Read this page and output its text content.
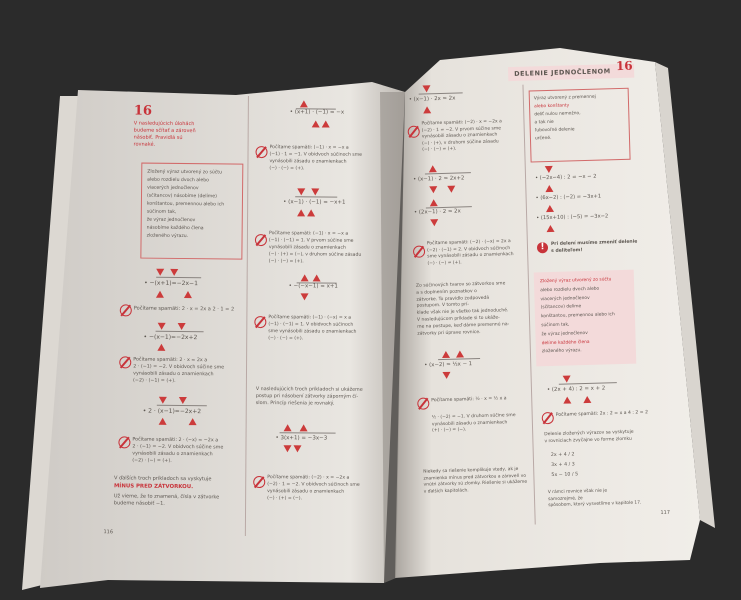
16
V nasledujúcich úlohách
budeme sčítať a zároveň
násobiť. Pravidlá sú
rovnaké.
Zložený výraz utvorený zo súčtu
alebo rozdielu dvoch alebo
viacerých jednočlenov
(sčítancov) násobíme (delíme)
konštantou, premennou alebo ich
súčinom tak,
že výraz jednočlenov
násobíme každého člena
zloženého výrazu.
• −(x+1)=−2x−1
Počítame spamäti: 2 · x = 2x a 2 · 1 = 2
• −(x−1)=−2x+2
Počítame spamäti: 2 · x = 2x a
2 · (−1) = −2. V obidvoch súčine sme
vynásobili zásadu o znamienkach
(−2) · (−1) = (+).
• 2 · (x−1)=−2x+2
Počítame spamäti: 2 · (−x) = −2x a
2 · (−1) = −2. V obidvoch súčine sme
vynásobili zásadu o znamienkach
(−2) · (−) = (+).
V ďalších troch príkladoch sa vyskytuje
MÍNUS PRED ZÁTVORKOU.
Už vieme, že to znamená, čísla v zátvorke
budeme násobiť −1.
116
• (x+1) · (−1) = −x
Počítame spamäti: (−1) · x = −x a
(−1) · 1 = −1. V obidvoch súčinoch sme
vynásobili zásadu o znamienkach
(−) · (−) = (+).
• (x−1) · (−1) = −x+1
Počítame spamäti: (−1) · x = −x a
(−1) · (−1) = 1. V prvom súčine sme
vynásobili zásadu o znamienkach
(−) · (+) = (−), v druhom súčine zásadu
(−) · (−) = (+).
• −(−x−1) = x+1
Počítame spamäti: (−1) · (−x) = x a
(−1) · (−1) = 1. V obidvoch súčinoch
sme vynásobili zásadu o znamienkach
(−) · (−) = (+).
V nasledujúcich troch príkladoch si ukážeme
postup pri násobení zátvorky záporným čí-
slom. Princíp riešenia je rovnaký.
• 3(x+1) = −3x−3
Počítame spamäti: (−2) · x = −2x a
(−2) · 1 = −2. V obidvoch súčinoch sme
vynásobili zásadu o znamienkach
(−) · (+) = (−).
DELENIE JEDNOČLENOM 16
• (x−1) · 2x = 2x
Počítame spamäti: (−2) · x = −2x a
(−2) · 1 = −2. V prvom súčine sme
vynásobili zásadu o znamienkach
(−) · (+), v druhom súčine zásadu
(−) · (−) = (+).
• (x−1) · 2 = 2x+2
• (2x−1) · 2 = 2x
Počítame spamäti: (−2) · (−x) = 2x a
(−2) · (−1) = 2. V obidvoch súčinoch
sme vynásobili zásadu o znamienkach
(−) · (−) = (+).
Zo súčinových tvarov so zátvorkou sme
a s doplnením poznatkov o
zátvorke. To pravidlo zodpovedá
postupom. V tomto prí-
klade však nie je všetko tak jednoduché.
V nasledujúcom príklade si to ukáže-
me na postupe, keď dáme premennú na-
zátvorky pri úprave rovnice.
• (x−2) = ½x − 1
Počítame spamäti: ½ · x = ½ x a
½ · (−2) = −1. V druhom súčine sme
vynásobili zásadu o znamienkach
(+) · (−) = (−).
Niekedy sa riešenie komplikuje vtedy, ak je
znamienko mínus pred zátvorkou a zároveň vo
vnútri zátvorky sú zlomky. Riešenie si ukážeme
v ďalších kapitolách.
Výraz utvorený z premennej
alebo konštanty
deliť nulou nemožno,
a tak nie
ľubovoľné delenie
určené.
• (−2x−4) : 2 = −x − 2
• (6x−2) : (−2) = −3x+1
• (15x+10) : (−5) = −3x−2
!	Pri delení musíme zmeniť delenie
s deliteľom!
Zložený výraz utvorený zo súčtu
alebo rozdielu dvoch alebo
viacerých jednočlenov
(sčítancov) delíme
konštantou, premennou alebo ich
súčinom tak,
že výraz jednočlenov
delíme každého člena
zloženého výrazu.
• (2x + 4) : 2 = x + 2
Počítame spamäti: 2x : 2 = x a 4 : 2 = 2
Delenie zložených výrazov sa vyskytuje
v rovniciach zvyčajne vo forme zlomku
2x + 4 / 2
3x + 4 / 3
5x − 10 / 5
V rámci rovnice však nie je
samozrejmé, že
spôsobom, ktorý vysvetlíme v kapitole 17.
117
